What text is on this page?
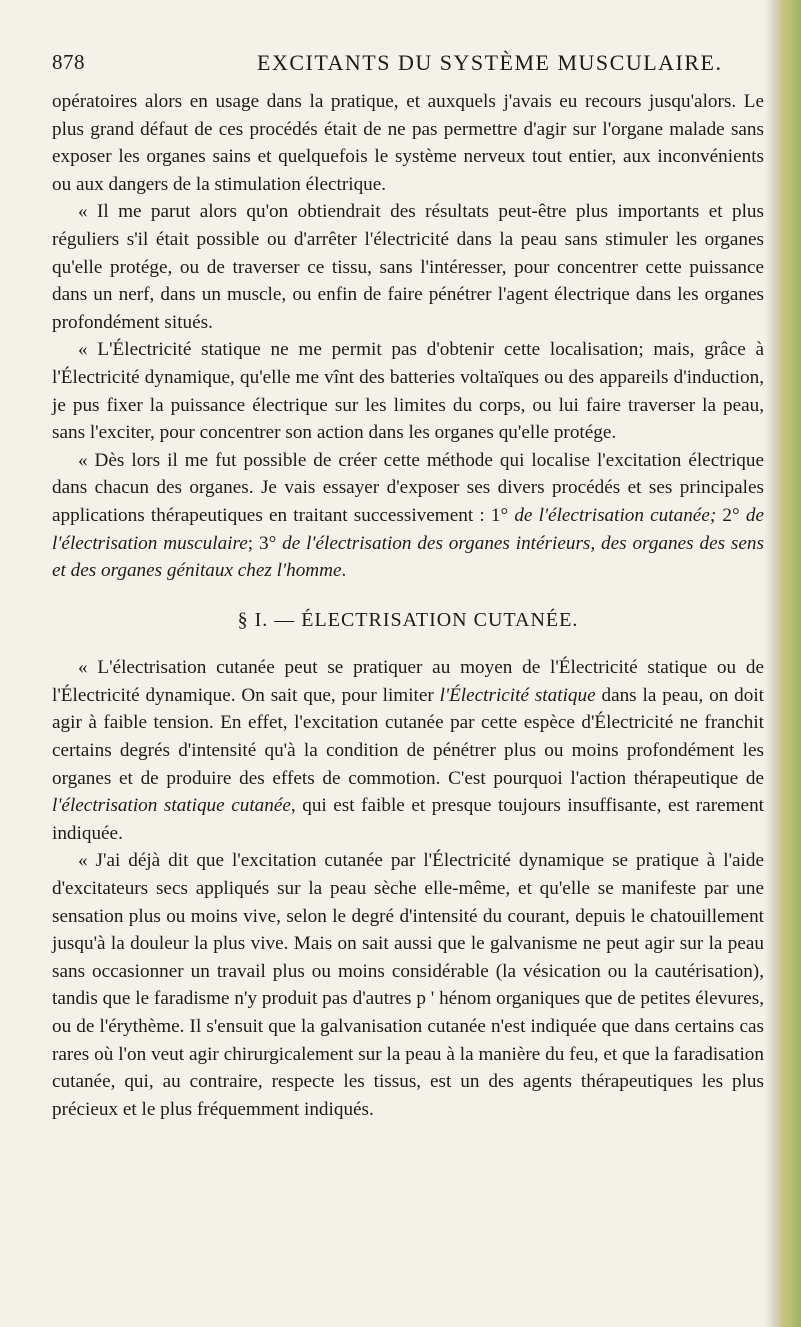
878	EXCITANTS DU SYSTÈME MUSCULAIRE.

opératoires alors en usage dans la pratique, et auxquels j'avais eu recours jusqu'alors. Le plus grand défaut de ces procédés était de ne pas permettre d'agir sur l'organe malade sans exposer les organes sains et quelquefois le système nerveux tout entier, aux inconvénients ou aux dangers de la stimulation électrique.

« Il me parut alors qu'on obtiendrait des résultats peut-être plus importants et plus réguliers s'il était possible ou d'arrêter l'électricité dans la peau sans stimuler les organes qu'elle protége, ou de traverser ce tissu, sans l'intéresser, pour concentrer cette puissance dans un nerf, dans un muscle, ou enfin de faire pénétrer l'agent électrique dans les organes profondément situés.

« L'Électricité statique ne me permit pas d'obtenir cette localisation; mais, grâce à l'Électricité dynamique, qu'elle me vînt des batteries voltaïques ou des appareils d'induction, je pus fixer la puissance électrique sur les limites du corps, ou lui faire traverser la peau, sans l'exciter, pour concentrer son action dans les organes qu'elle protége.

« Dès lors il me fut possible de créer cette méthode qui localise l'excitation électrique dans chacun des organes. Je vais essayer d'exposer ses divers procédés et ses principales applications thérapeutiques en traitant successivement : 1° de l'électrisation cutanée; 2° de l'électrisation musculaire; 3° de l'électrisation des organes intérieurs, des organes des sens et des organes génitaux chez l'homme.

§ I. — ÉLECTRISATION CUTANÉE.

« L'électrisation cutanée peut se pratiquer au moyen de l'Électricité statique ou de l'Électricité dynamique. On sait que, pour limiter l'Électricité statique dans la peau, on doit agir à faible tension. En effet, l'excitation cutanée par cette espèce d'Électricité ne franchit certains degrés d'intensité qu'à la condition de pénétrer plus ou moins profondément les organes et de produire des effets de commotion. C'est pourquoi l'action thérapeutique de l'électrisation statique cutanée, qui est faible et presque toujours insuffisante, est rarement indiquée.

« J'ai déjà dit que l'excitation cutanée par l'Électricité dynamique se pratique à l'aide d'excitateurs secs appliqués sur la peau sèche elle-même, et qu'elle se manifeste par une sensation plus ou moins vive, selon le degré d'intensité du courant, depuis le chatouillement jusqu'à la douleur la plus vive. Mais on sait aussi que le galvanisme ne peut agir sur la peau sans occasionner un travail plus ou moins considérable (la vésication ou la cautérisation), tandis que le faradisme n'y produit pas d'autres p ' hénom organiques que de petites élevures, ou de l'érythème. Il s'ensuit que la galvanisation cutanée n'est indiquée que dans certains cas rares où l'on veut agir chirurgicalement sur la peau à la manière du feu, et que la faradisation cutanée, qui, au contraire, respecte les tissus, est un des agents thérapeutiques les plus précieux et le plus fréquemment indiqués.
